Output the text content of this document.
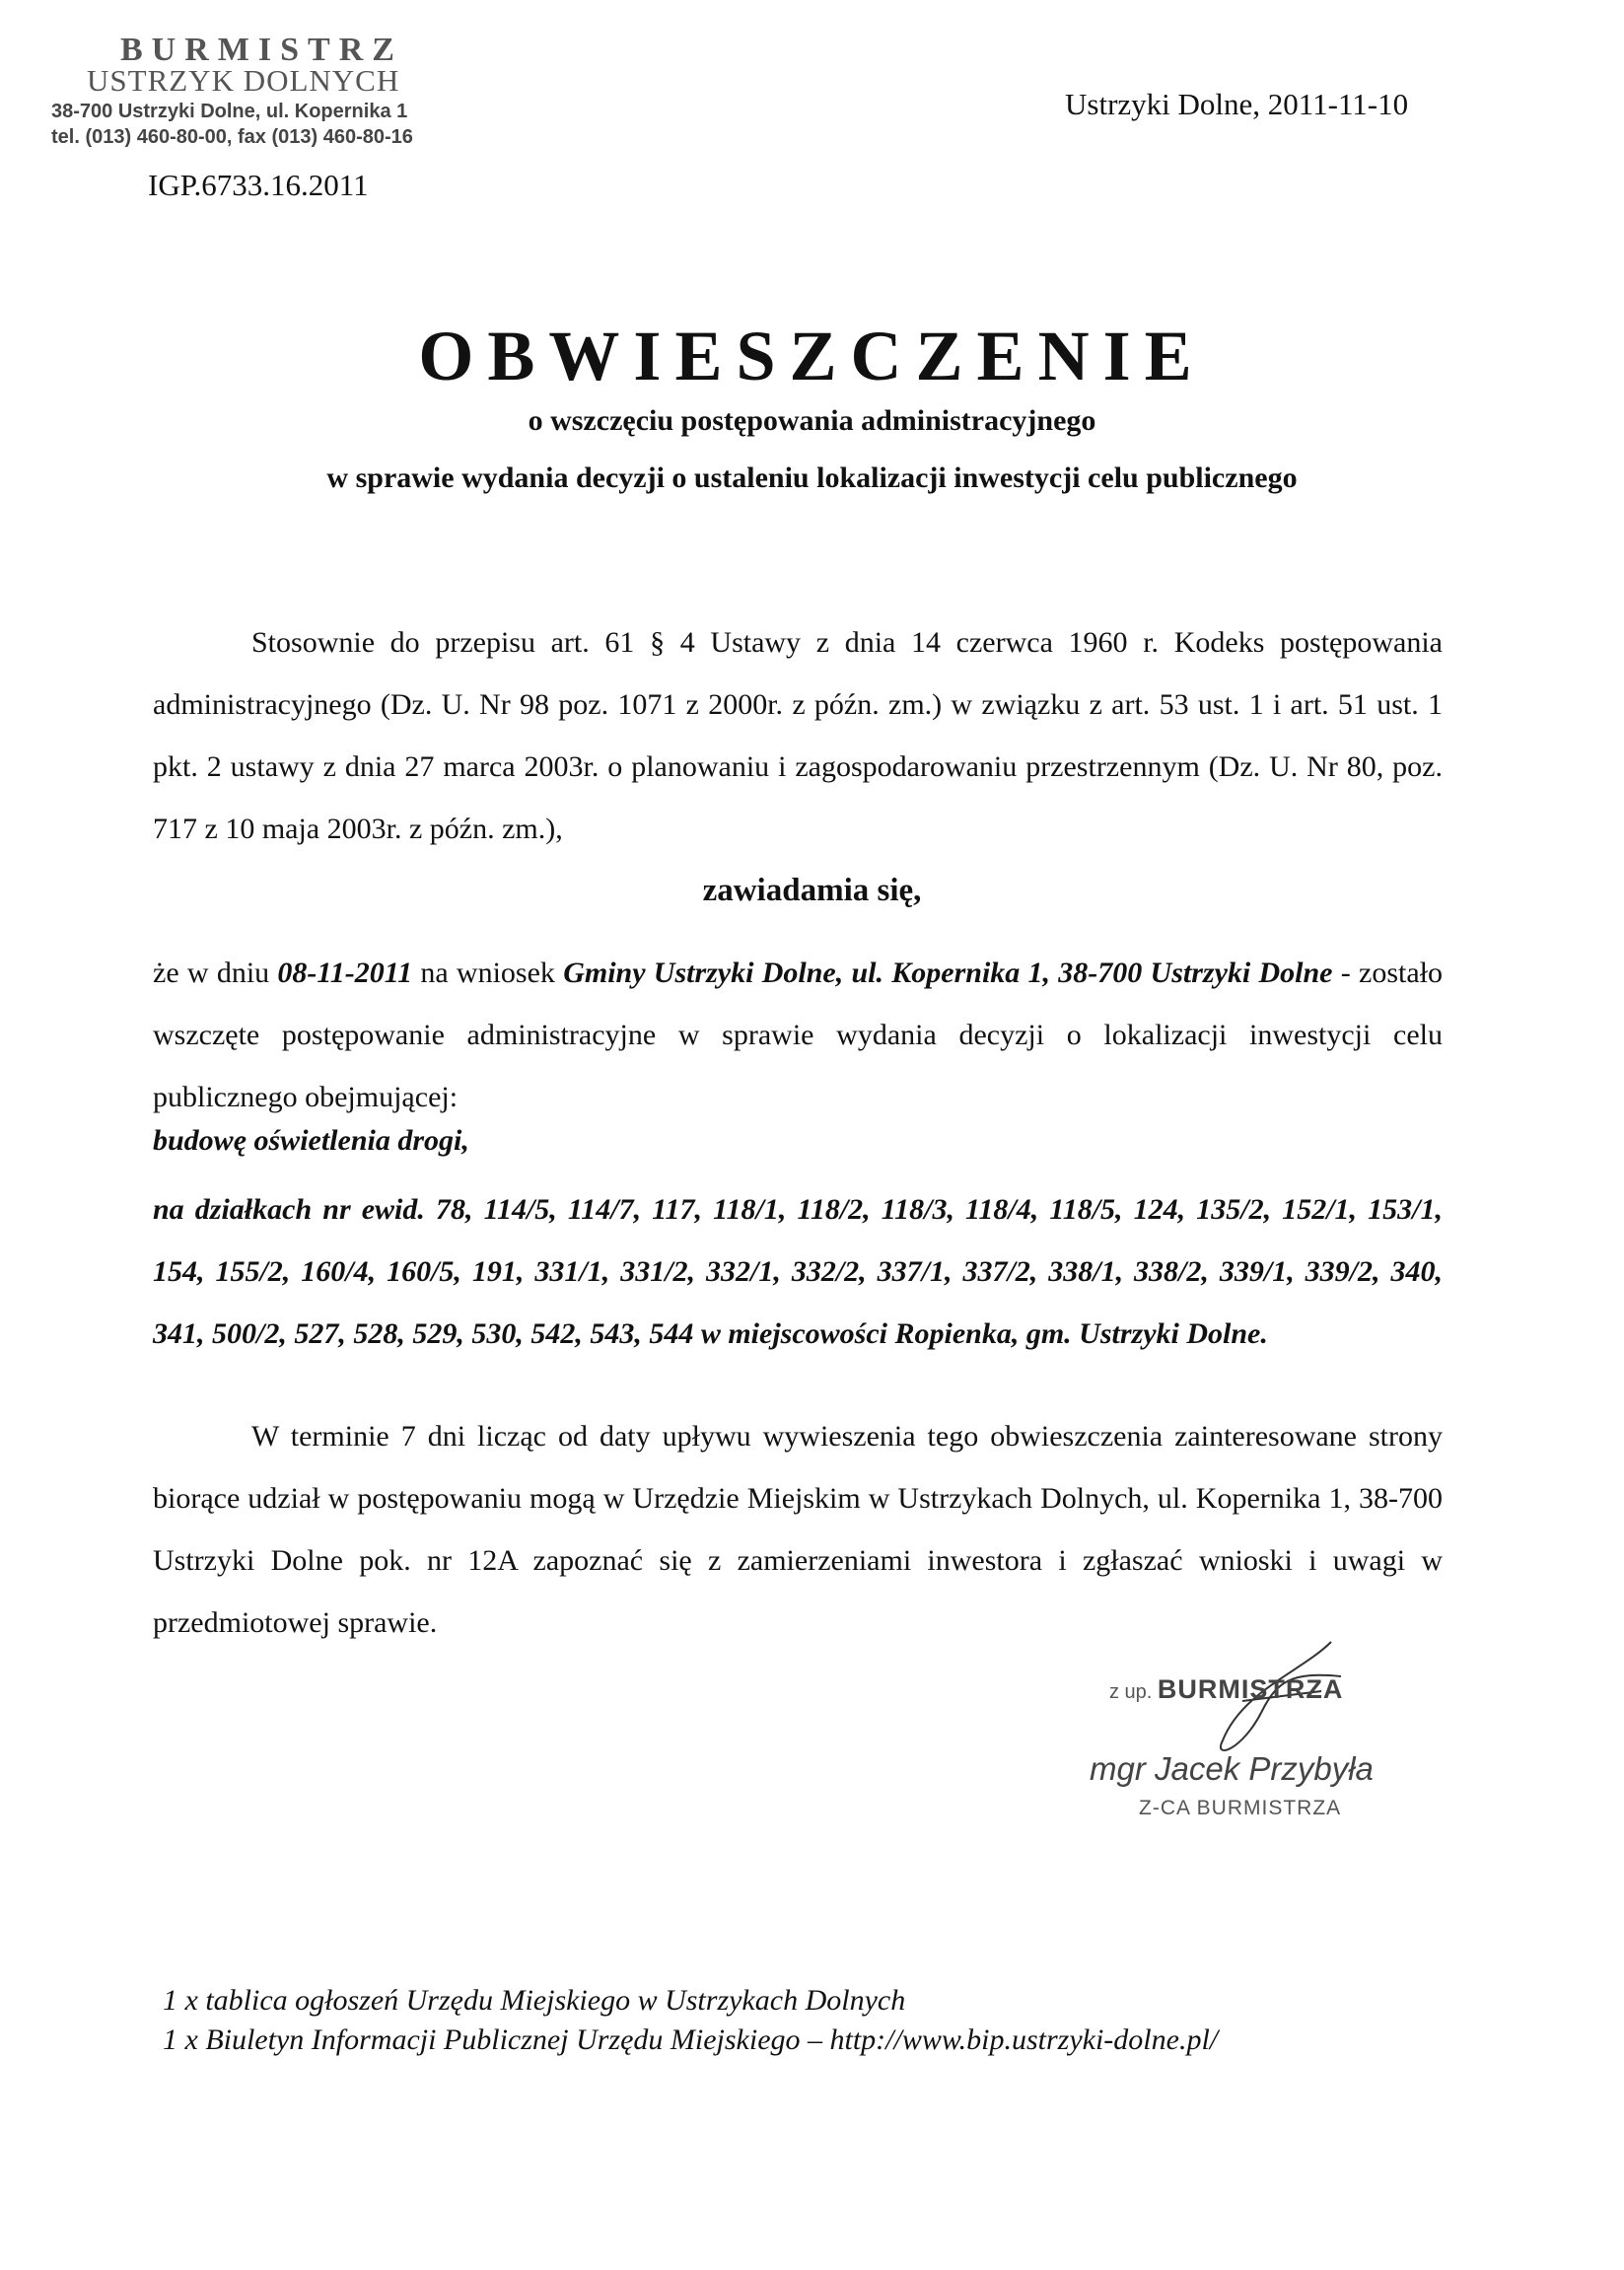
BURMISTRZ
USTRZYK DOLNYCH
38-700 Ustrzyki Dolne, ul. Kopernika 1
tel. (013) 460-80-00, fax (013) 460-80-16
Ustrzyki Dolne, 2011-11-10
IGP.6733.16.2011
OBWIESZCZENIE
o wszczęciu postępowania administracyjnego
w sprawie wydania decyzji o ustaleniu lokalizacji inwestycji celu publicznego
Stosownie do przepisu art. 61 § 4 Ustawy z dnia 14 czerwca 1960 r. Kodeks postępowania administracyjnego (Dz. U. Nr 98 poz. 1071 z 2000r. z późn. zm.) w związku z art. 53 ust. 1 i art. 51 ust. 1 pkt. 2 ustawy z dnia 27 marca 2003r. o planowaniu i zagospodarowaniu przestrzennym (Dz. U. Nr 80, poz. 717 z 10 maja 2003r. z późn. zm.),
zawiadamia się,
że w dniu 08-11-2011 na wniosek Gminy Ustrzyki Dolne, ul. Kopernika 1, 38-700 Ustrzyki Dolne - zostało wszczęte postępowanie administracyjne w sprawie wydania decyzji o lokalizacji inwestycji celu publicznego obejmującej:
budowę oświetlenia drogi,
na działkach nr ewid. 78, 114/5, 114/7, 117, 118/1, 118/2, 118/3, 118/4, 118/5, 124, 135/2, 152/1, 153/1, 154, 155/2, 160/4, 160/5, 191, 331/1, 331/2, 332/1, 332/2, 337/1, 337/2, 338/1, 338/2, 339/1, 339/2, 340, 341, 500/2, 527, 528, 529, 530, 542, 543, 544 w miejscowości Ropienka, gm. Ustrzyki Dolne.
W terminie 7 dni licząc od daty upływu wywieszenia tego obwieszczenia zainteresowane strony biorące udział w postępowaniu mogą w Urzędzie Miejskim w Ustrzykach Dolnych, ul. Kopernika 1, 38-700 Ustrzyki Dolne pok. nr 12A zapoznać się z zamierzeniami inwestora i zgłaszać wnioski i uwagi w przedmiotowej sprawie.
z up. BURMISTRZA
mgr Jacek Przybyła
Z-CA BURMISTRZA
1 x tablica ogłoszeń Urzędu Miejskiego w Ustrzykach Dolnych
1 x Biuletyn Informacji Publicznej Urzędu Miejskiego – http://www.bip.ustrzyki-dolne.pl/
